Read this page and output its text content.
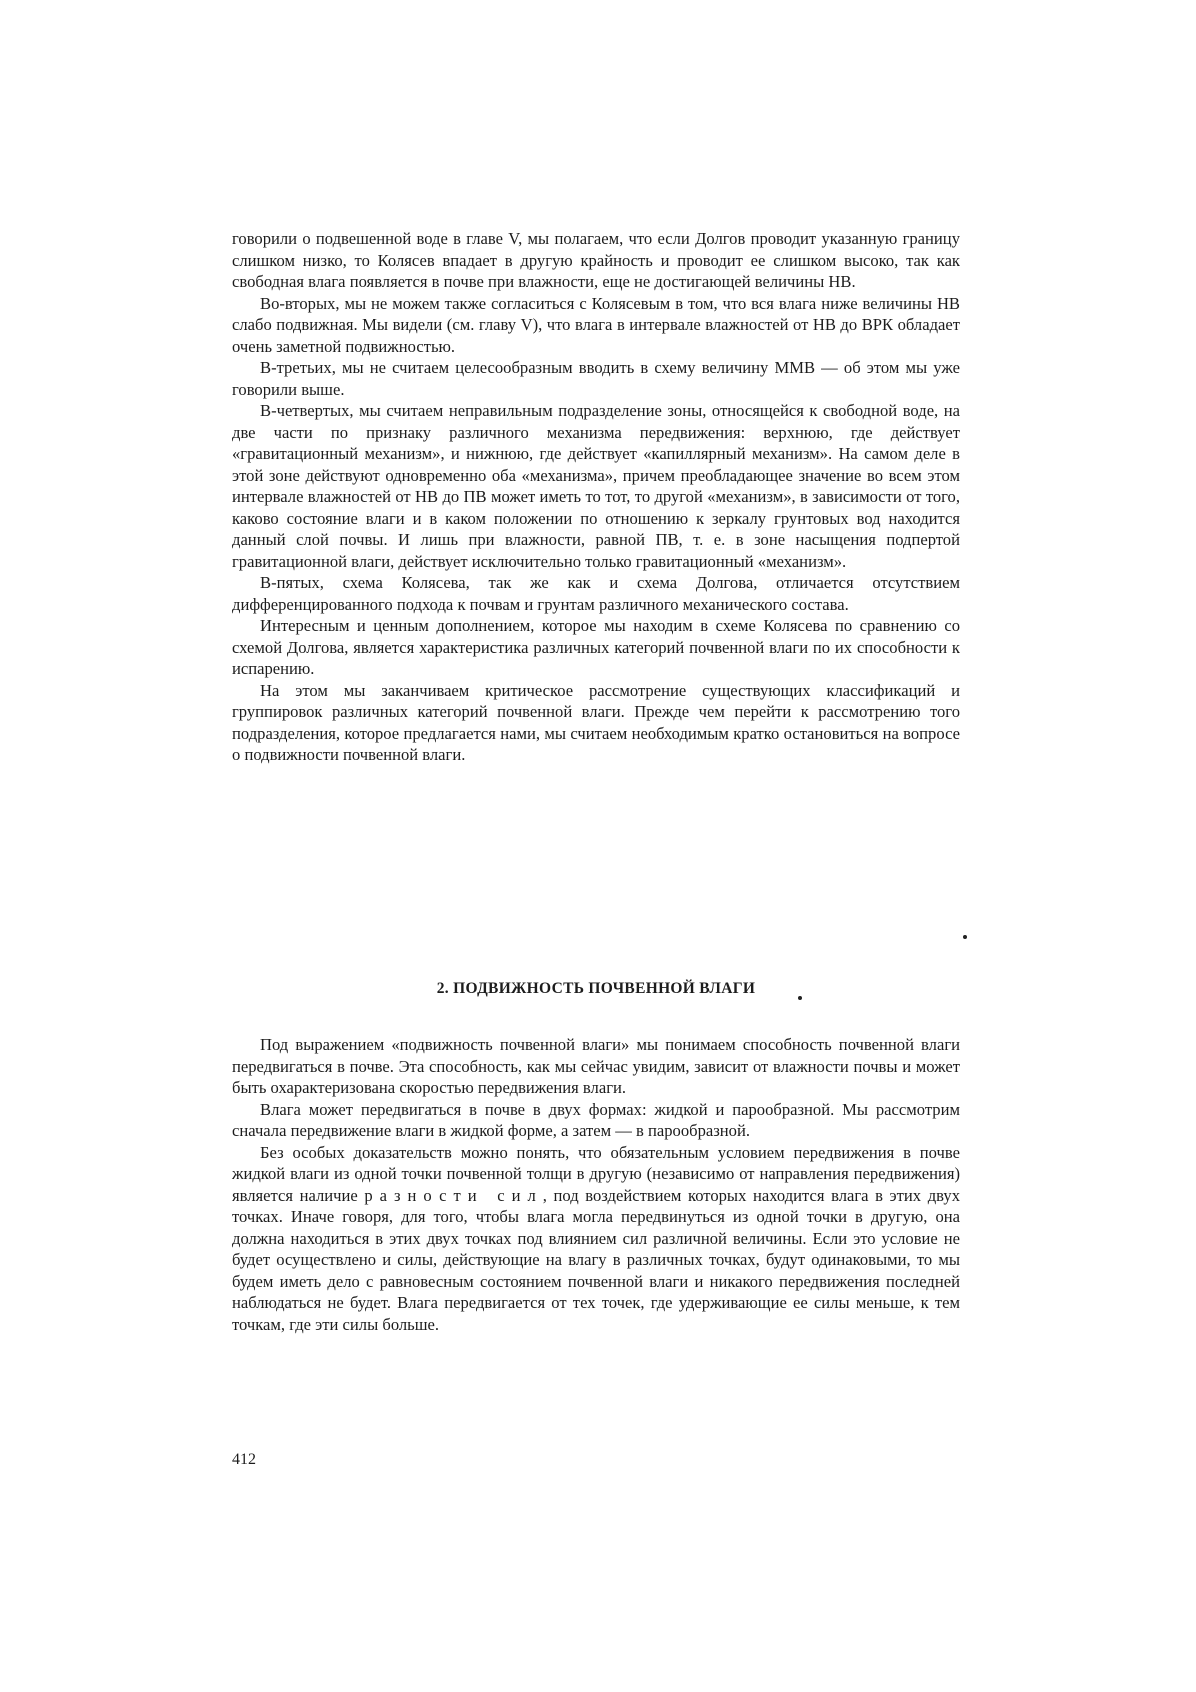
говорили о подвешенной воде в главе V, мы полагаем, что если Долгов проводит указанную границу слишком низко, то Колясев впадает в другую крайность и проводит ее слишком высоко, так как свободная влага появляется в почве при влажности, еще не достигающей величины НВ.

Во-вторых, мы не можем также согласиться с Колясевым в том, что вся влага ниже величины НВ слабо подвижная. Мы видели (см. главу V), что влага в интервале влажностей от НВ до ВРК обладает очень заметной подвижностью.

В-третьих, мы не считаем целесообразным вводить в схему величину ММВ — об этом мы уже говорили выше.

В-четвертых, мы считаем неправильным подразделение зоны, относящейся к свободной воде, на две части по признаку различного механизма передвижения: верхнюю, где действует «гравитационный механизм», и нижнюю, где действует «капиллярный механизм». На самом деле в этой зоне действуют одновременно оба «механизма», причем преобладающее значение во всем этом интервале влажностей от НВ до ПВ может иметь то тот, то другой «механизм», в зависимости от того, каково состояние влаги и в каком положении по отношению к зеркалу грунтовых вод находится данный слой почвы. И лишь при влажности, равной ПВ, т. е. в зоне насыщения подпертой гравитационной влаги, действует исключительно только гравитационный «механизм».

В-пятых, схема Колясева, так же как и схема Долгова, отличается отсутствием дифференцированного подхода к почвам и грунтам различного механического состава.

Интересным и ценным дополнением, которое мы находим в схеме Колясева по сравнению со схемой Долгова, является характеристика различных категорий почвенной влаги по их способности к испарению.

На этом мы заканчиваем критическое рассмотрение существующих классификаций и группировок различных категорий почвенной влаги. Прежде чем перейти к рассмотрению того подразделения, которое предлагается нами, мы считаем необходимым кратко остановиться на вопросе о подвижности почвенной влаги.

2. ПОДВИЖНОСТЬ ПОЧВЕННОЙ ВЛАГИ

Под выражением «подвижность почвенной влаги» мы понимаем способность почвенной влаги передвигаться в почве. Эта способность, как мы сейчас увидим, зависит от влажности почвы и может быть охарактеризована скоростью передвижения влаги.

Влага может передвигаться в почве в двух формах: жидкой и парообразной. Мы рассмотрим сначала передвижение влаги в жидкой форме, а затем — в парообразной.

Без особых доказательств можно понять, что обязательным условием передвижения в почве жидкой влаги из одной точки почвенной толщи в другую (независимо от направления передвижения) является наличие разности сил, под воздействием которых находится влага в этих двух точках. Иначе говоря, для того, чтобы влага могла передвинуться из одной точки в другую, она должна находиться в этих двух точках под влиянием сил различной величины. Если это условие не будет осуществлено и силы, действующие на влагу в различных точках, будут одинаковыми, то мы будем иметь дело с равновесным состоянием почвенной влаги и никакого передвижения последней наблюдаться не будет. Влага передвигается от тех точек, где удерживающие ее силы меньше, к тем точкам, где эти силы больше.

412
